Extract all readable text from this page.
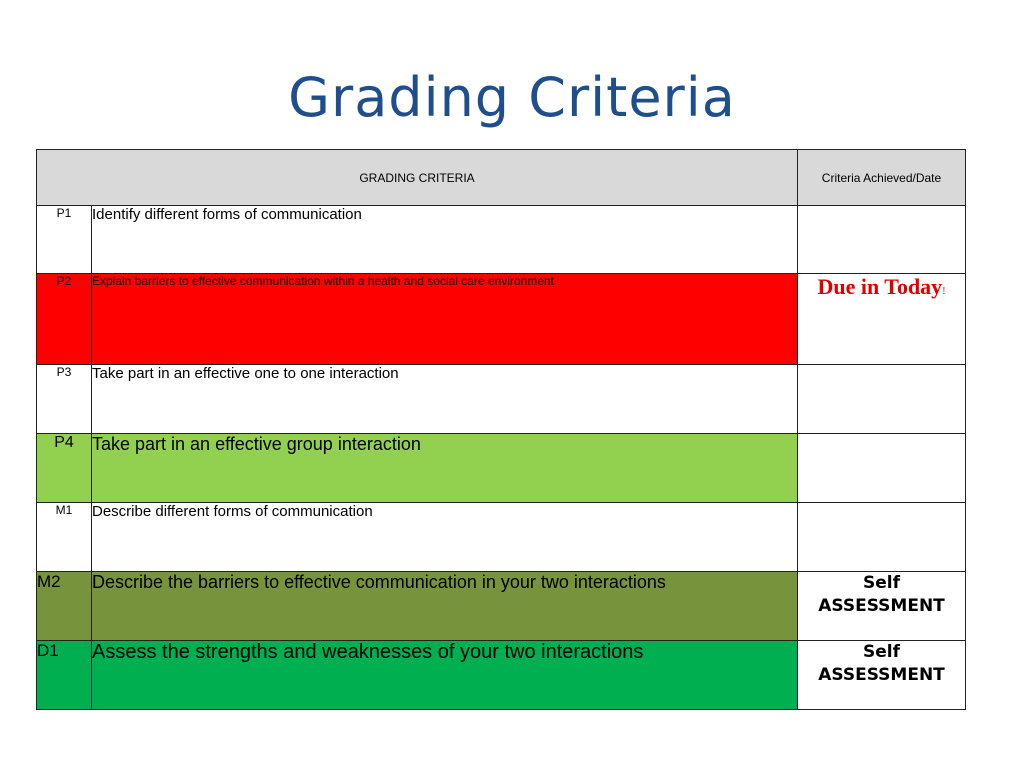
Grading Criteria
GRADING CRITERIA		Criteria Achieved/Date
P1	Identify different forms of communication	
P2	Explain barriers to effective communication within a health and social care environment	Due in Today!
P3	Take part in an effective one to one interaction	
P4	Take part in an effective group interaction	
M1	Describe different forms of communication	
M2	Describe the barriers to effective communication in your two interactions	Self
ASSESSMENT

D1	Assess the strengths and weaknesses of your two interactions	Self
ASSESSMENT
